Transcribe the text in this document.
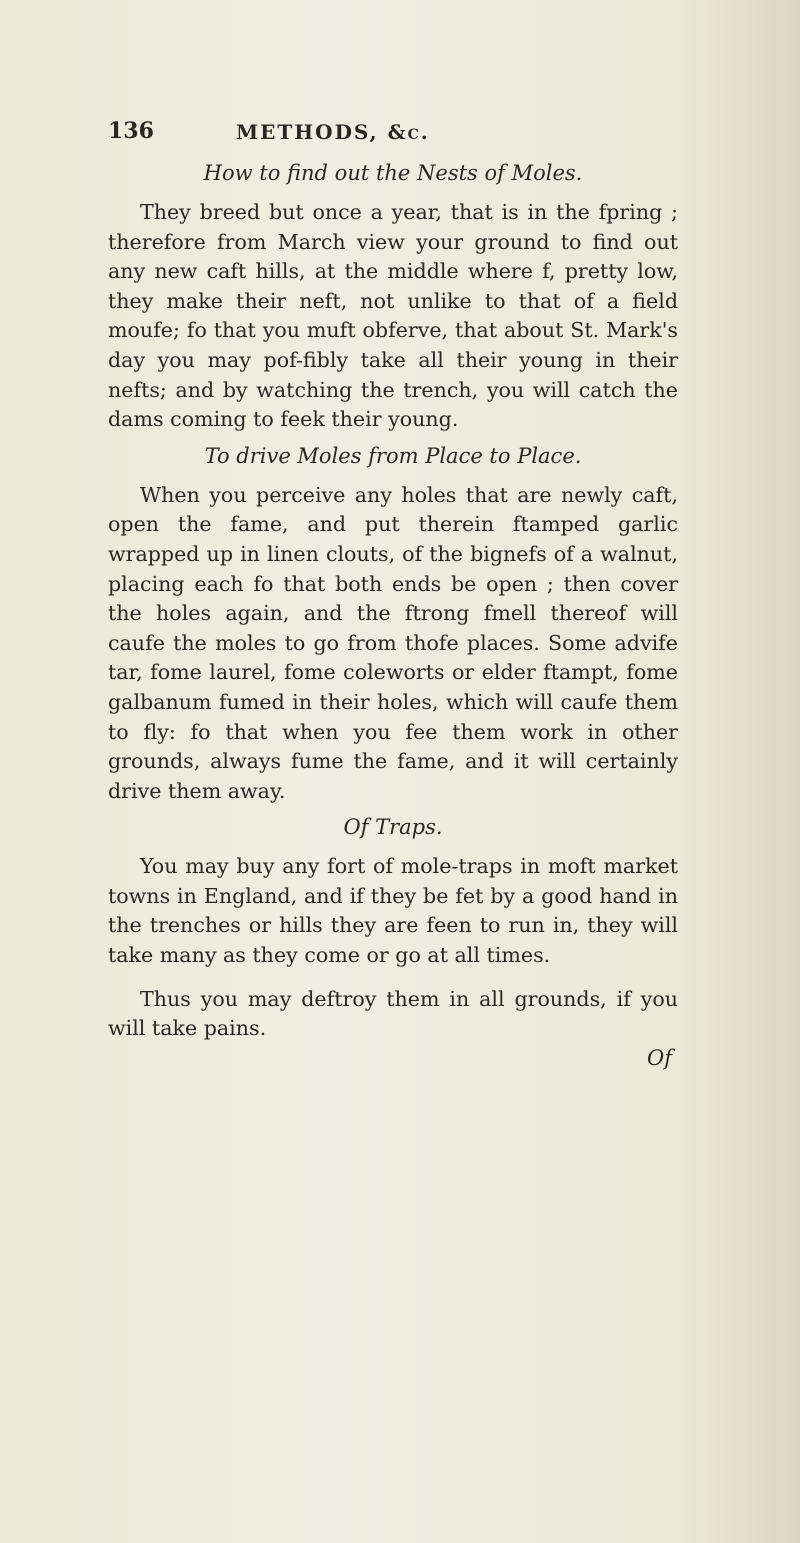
136	METHODS, &c.
How to find out the Nests of Moles.

They breed but once a year, that is in the fpring ; therefore from March view your ground to find out any new caft hills, at the middle where f, pretty low, they make their neft, not unlike to that of a field moufe; fo that you muft obferve, that about St. Mark's day you may pof-fibly take all their young in their nefts; and by watching the trench, you will catch the dams coming to feek their young.

To drive Moles from Place to Place.

When you perceive any holes that are newly caft, open the fame, and put therein ftamped garlic wrapped up in linen clouts, of the bignefs of a walnut, placing each fo that both ends be open ; then cover the holes again, and the ftrong fmell thereof will caufe the moles to go from thofe places. Some advife tar, fome laurel, fome coleworts or elder ftampt, fome galbanum fumed in their holes, which will caufe them to fly: fo that when you fee them work in other grounds, always fume the fame, and it will certainly drive them away.

Of Traps.

You may buy any fort of mole-traps in moft market towns in England, and if they be fet by a good hand in the trenches or hills they are feen to run in, they will take many as they come or go at all times.

Thus you may deftroy them in all grounds, if you will take pains.

Of
